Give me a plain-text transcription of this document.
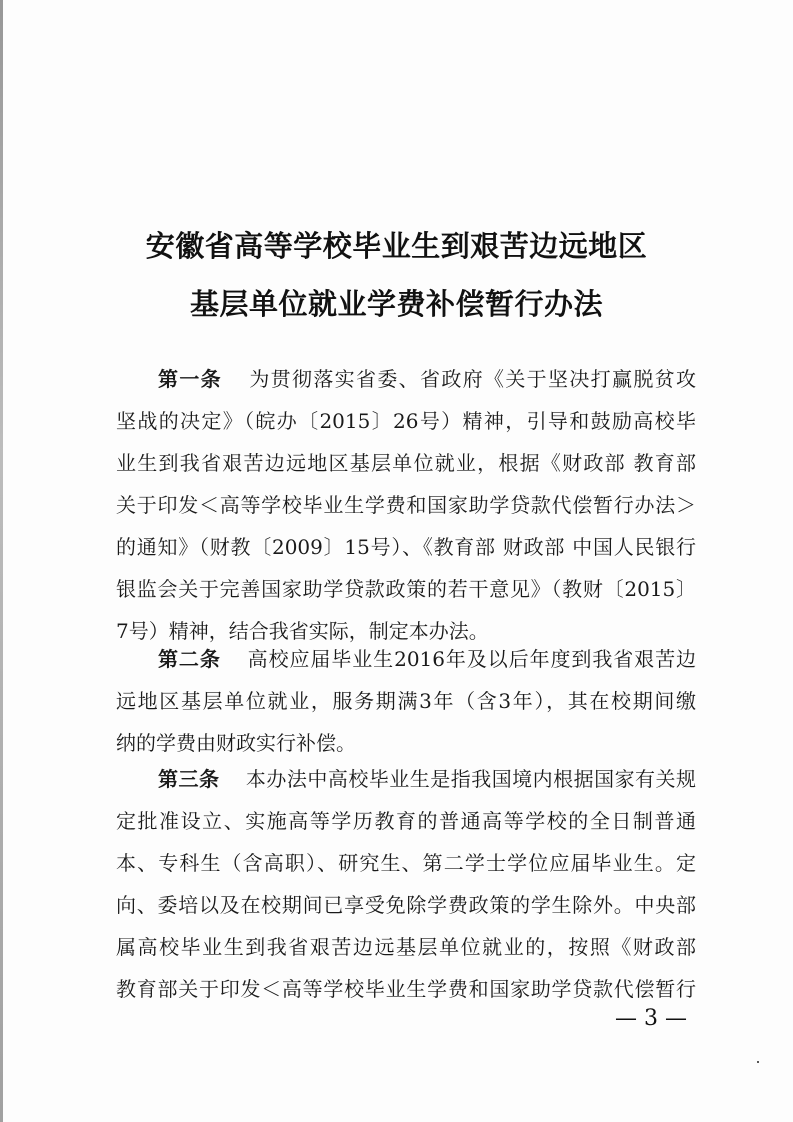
安徽省高等学校毕业生到艰苦边远地区
基层单位就业学费补偿暂行办法
第一条 为贯彻落实省委、省政府《关于坚决打赢脱贫攻
坚战的决定》（皖办〔2015〕26号）精神，引导和鼓励高校毕
业生到我省艰苦边远地区基层单位就业，根据《财政部 教育部
关于印发＜高等学校毕业生学费和国家助学贷款代偿暂行办法＞
的通知》（财教〔2009〕15号）、《教育部 财政部 中国人民银行
银监会关于完善国家助学贷款政策的若干意见》（教财〔2015〕
7号）精神，结合我省实际，制定本办法。
第二条 高校应届毕业生2016年及以后年度到我省艰苦边
远地区基层单位就业，服务期满3年（含3年），其在校期间缴
纳的学费由财政实行补偿。
第三条 本办法中高校毕业生是指我国境内根据国家有关规
定批准设立、实施高等学历教育的普通高等学校的全日制普通
本、专科生（含高职）、研究生、第二学士学位应届毕业生。定
向、委培以及在校期间已享受免除学费政策的学生除外。中央部
属高校毕业生到我省艰苦边远基层单位就业的，按照《财政部
教育部关于印发＜高等学校毕业生学费和国家助学贷款代偿暂行
— 3 —
